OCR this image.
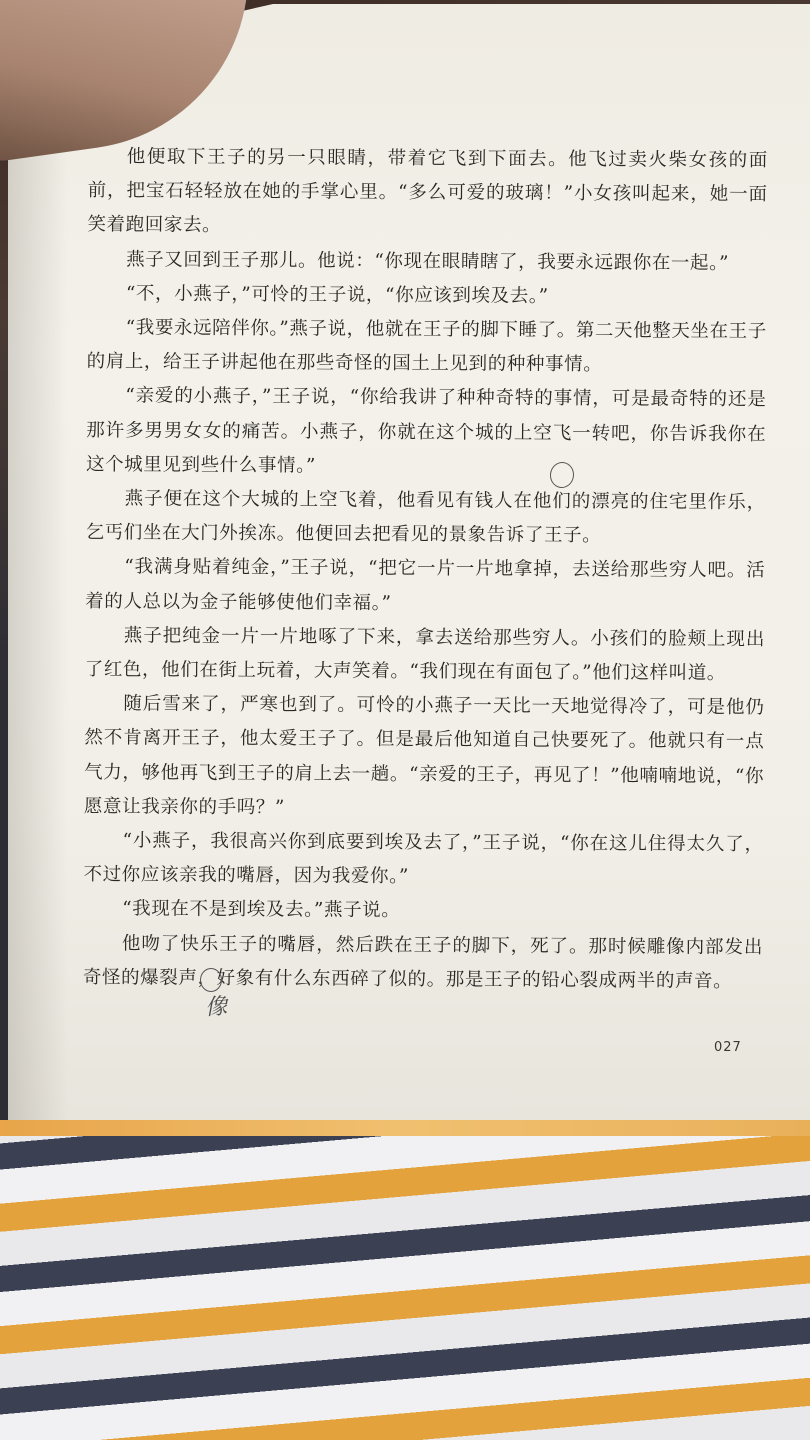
他便取下王子的另一只眼睛，带着它飞到下面去。他飞过卖火柴女孩的面前，把宝石轻轻放在她的手掌心里。“多么可爱的玻璃！”小女孩叫起来，她一面笑着跑回家去。

燕子又回到王子那儿。他说：“你现在眼睛瞎了，我要永远跟你在一起。”

“不，小燕子，”可怜的王子说，“你应该到埃及去。”

“我要永远陪伴你。”燕子说，他就在王子的脚下睡了。第二天他整天坐在王子的肩上，给王子讲起他在那些奇怪的国土上见到的种种事情。

“亲爱的小燕子，”王子说，“你给我讲了种种奇特的事情，可是最奇特的还是那许多男男女女的痛苦。小燕子，你就在这个城的上空飞一转吧，你告诉我你在这个城里见到些什么事情。”

燕子便在这个大城的上空飞着，他看见有钱人在他们的漂亮的住宅里作乐，乞丐们坐在大门外挨冻。他便回去把看见的景象告诉了王子。

“我满身贴着纯金，”王子说，“把它一片一片地拿掉，去送给那些穷人吧。活着的人总以为金子能够使他们幸福。”

燕子把纯金一片一片地啄了下来，拿去送给那些穷人。小孩们的脸颊上现出了红色，他们在街上玩着，大声笑着。“我们现在有面包了。”他们这样叫道。

随后雪来了，严寒也到了。可怜的小燕子一天比一天地觉得冷了，可是他仍然不肯离开王子，他太爱王子了。但是最后他知道自己快要死了。他就只有一点气力，够他再飞到王子的肩上去一趟。“亲爱的王子，再见了！”他喃喃地说，“你愿意让我亲你的手吗？”

“小燕子，我很高兴你到底要到埃及去了，”王子说，“你在这儿住得太久了，不过你应该亲我的嘴唇，因为我爱你。”

“我现在不是到埃及去。”燕子说。

他吻了快乐王子的嘴唇，然后跌在王子的脚下，死了。那时候雕像内部发出奇怪的爆裂声，好象有什么东西碎了似的。那是王子的铅心裂成两半的声音。

像
027
